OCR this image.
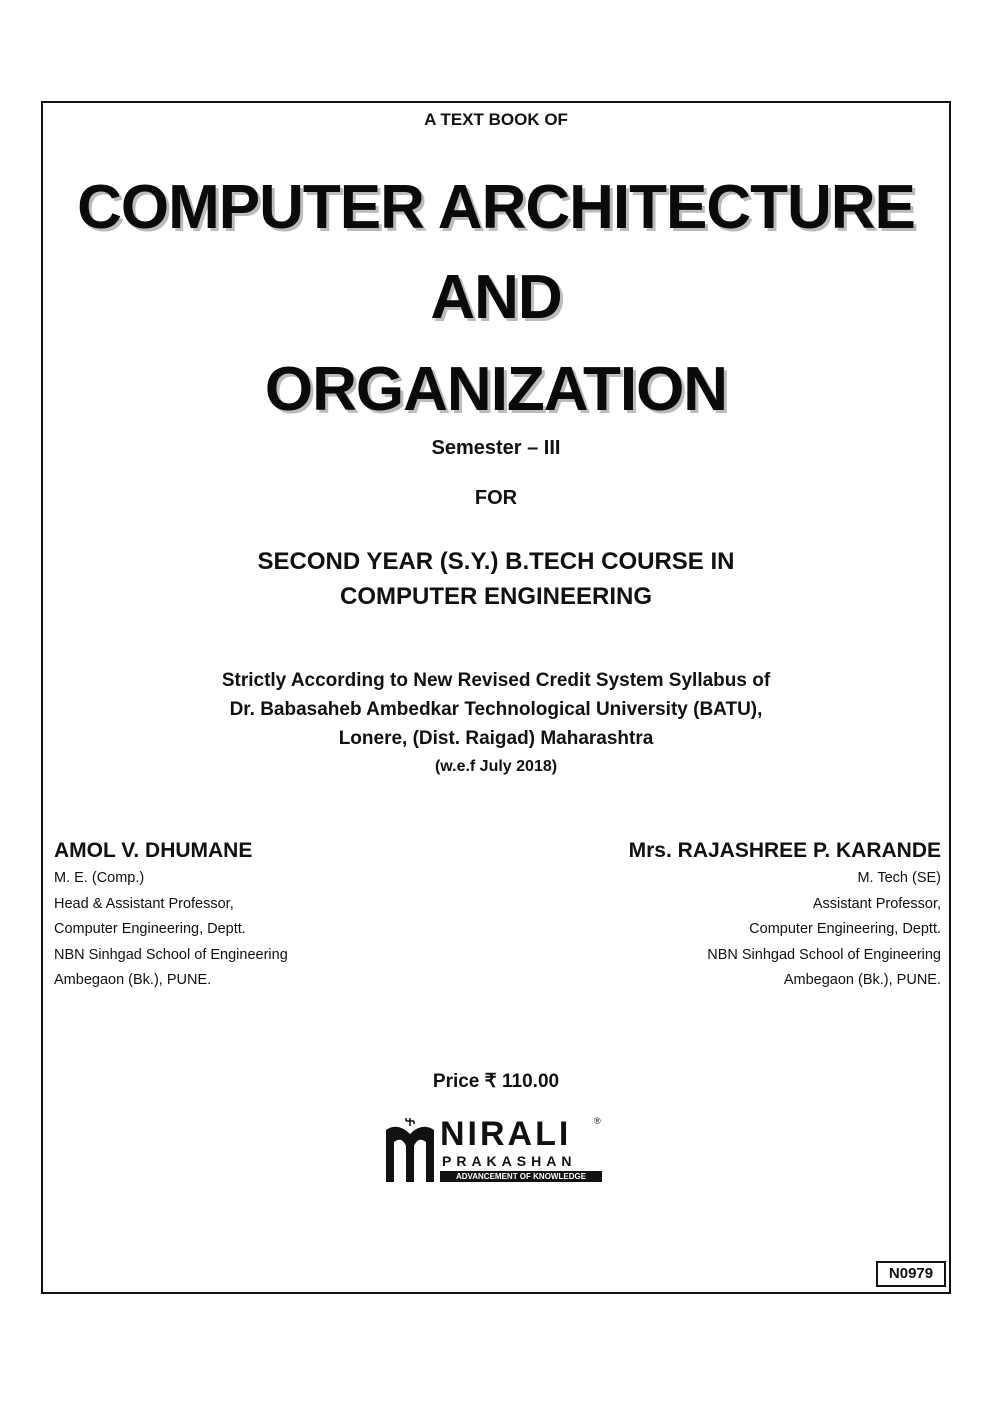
A TEXT BOOK OF
COMPUTER ARCHITECTURE
AND
ORGANIZATION
Semester – III
FOR
SECOND YEAR (S.Y.) B.TECH COURSE IN
COMPUTER ENGINEERING
Strictly According to New Revised Credit System Syllabus of
Dr. Babasaheb Ambedkar Technological University (BATU),
Lonere, (Dist. Raigad) Maharashtra
(w.e.f July 2018)
AMOL V. DHUMANE
M. E. (Comp.)
Head & Assistant Professor,
Computer Engineering, Deptt.
NBN Sinhgad School of Engineering
Ambegaon (Bk.), PUNE.
Mrs. RAJASHREE P. KARANDE
M. Tech (SE)
Assistant Professor,
Computer Engineering, Deptt.
NBN Sinhgad School of Engineering
Ambegaon (Bk.), PUNE.
Price ₹ 110.00
NIRALI	®
PRAKASHAN
ADVANCEMENT OF KNOWLEDGE
N0979
